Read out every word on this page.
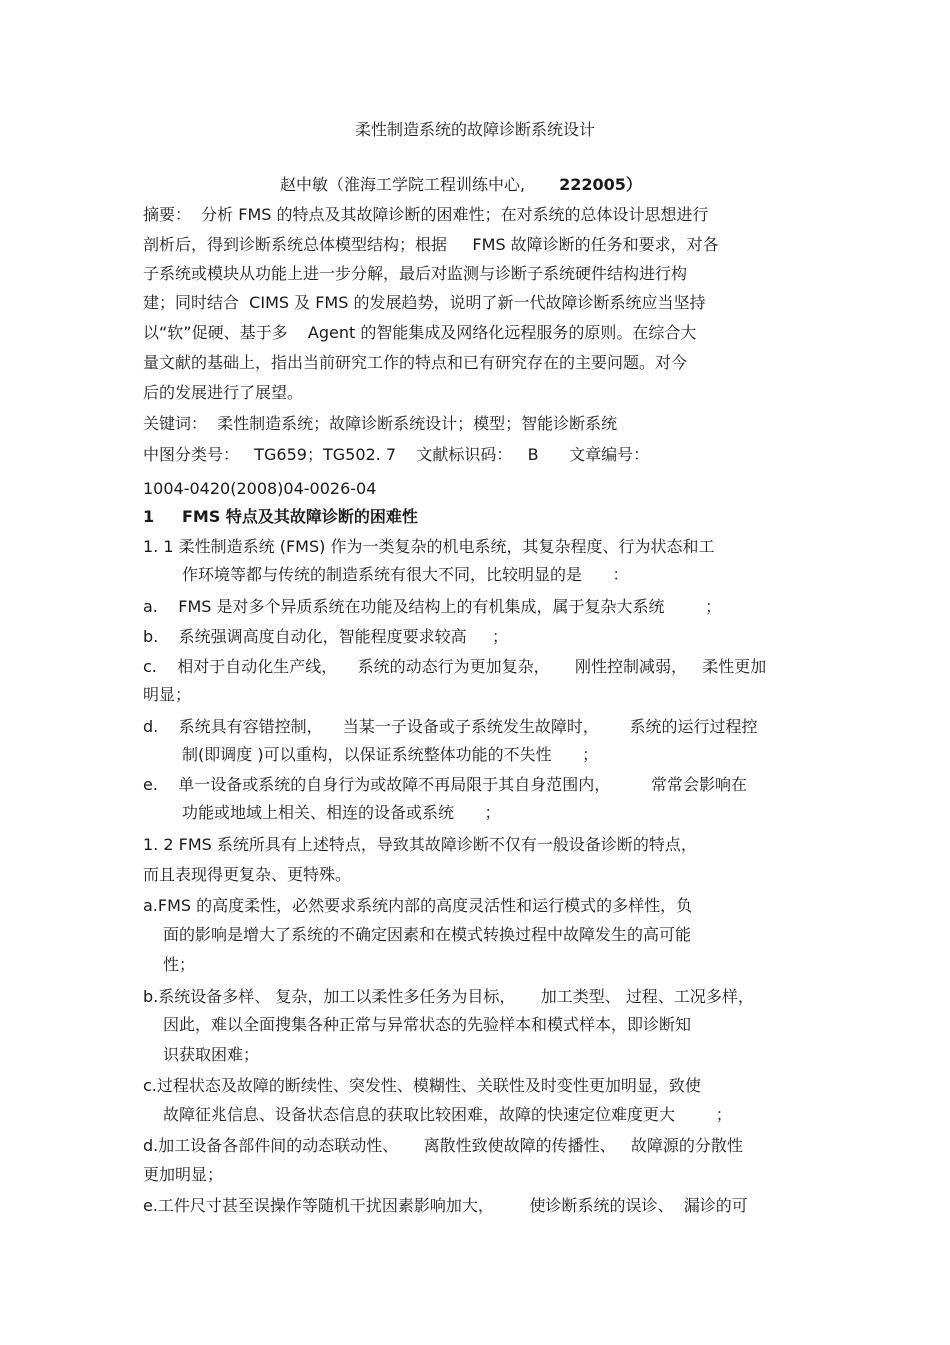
柔性制造系统的故障诊断系统设计
赵中敏（淮海工学院工程训练中心, 222005）
摘要：  分析 FMS 的特点及其故障诊断的困难性；在对系统的总体设计思想进行
剖析后，得到诊断系统总体模型结构；根据     FMS 故障诊断的任务和要求，对各
子系统或模块从功能上进一步分解，最后对监测与诊断子系统硬件结构进行构
建；同时结合  CIMS 及 FMS 的发展趋势，说明了新一代故障诊断系统应当坚持
以“软”促硬、基于多    Agent 的智能集成及网络化远程服务的原则。在综合大
量文献的基础上，指出当前研究工作的特点和已有研究存在的主要问题。对今
后的发展进行了展望。
关键词：  柔性制造系统；故障诊断系统设计；模型；智能诊断系统
中图分类号：   TG659；TG502. 7    文献标识码：   B      文章编号：
1004-0420(2008)04-0026-04
1     FMS 特点及其故障诊断的困难性
1. 1 柔性制造系统 (FMS) 作为一类复杂的机电系统，其复杂程度、行为状态和工
作环境等都与传统的制造系统有很大不同，比较明显的是      ：
a.    FMS 是对多个异质系统在功能及结构上的有机集成，属于复杂大系统        ；
b.    系统强调高度自动化，智能程度要求较高     ；
c.    相对于自动化生产线，    系统的动态行为更加复杂，     刚性控制减弱，   柔性更加
明显；
d.    系统具有容错控制，    当某一子设备或子系统发生故障时，      系统的运行过程控
制(即调度 )可以重构，以保证系统整体功能的不失性      ；
e.    单一设备或系统的自身行为或故障不再局限于其自身范围内，        常常会影响在
功能或地域上相关、相连的设备或系统      ；
1. 2 FMS 系统所具有上述特点，导致其故障诊断不仅有一般设备诊断的特点，
而且表现得更复杂、更特殊。
a.FMS 的高度柔性，必然要求系统内部的高度灵活性和运行模式的多样性，负
面的影响是增大了系统的不确定因素和在模式转换过程中故障发生的高可能
性；
b.系统设备多样、 复杂，加工以柔性多任务为目标，     加工类型、 过程、工况多样，
因此，难以全面搜集各种正常与异常状态的先验样本和模式样本，即诊断知
识获取困难；
c.过程状态及故障的断续性、突发性、模糊性、关联性及时变性更加明显，致使
故障征兆信息、设备状态信息的获取比较困难，故障的快速定位难度更大        ；
d.加工设备各部件间的动态联动性、     离散性致使故障的传播性、   故障源的分散性
更加明显；
e.工件尺寸甚至误操作等随机干扰因素影响加大，       使诊断系统的误诊、  漏诊的可
